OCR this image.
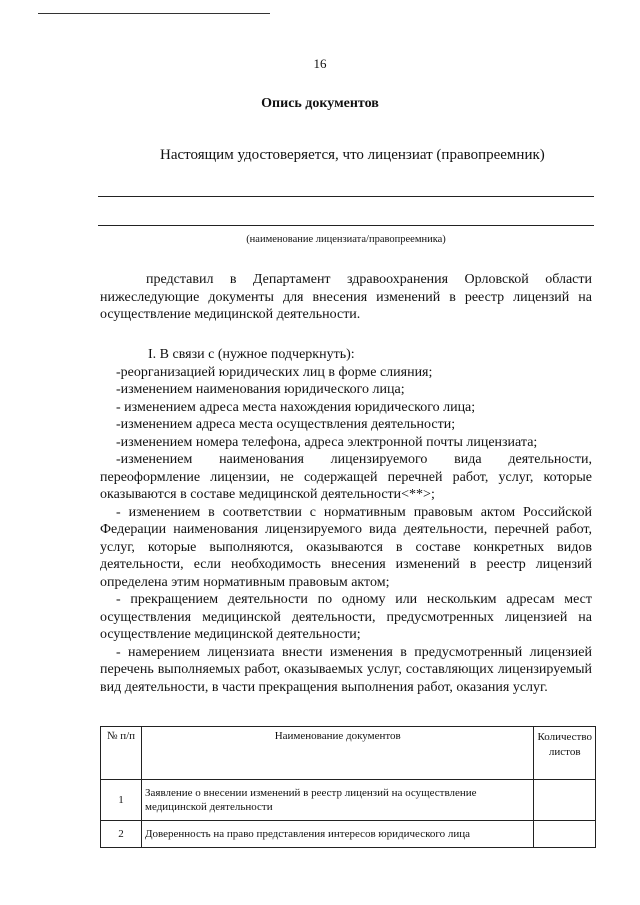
16
Опись документов
Настоящим удостоверяется, что лицензиат (правопреемник)
(наименование лицензиата/правопреемника)

представил в Департамент здравоохранения Орловской области нижеследующие документы для внесения изменений в реестр лицензий на осуществление медицинской деятельности.

I. В связи с (нужное подчеркнуть):

-реорганизацией юридических лиц в форме слияния;

-изменением наименования юридического лица;

- изменением адреса места нахождения юридического лица;

-изменением адреса места осуществления деятельности;

-изменением номера телефона, адреса электронной почты лицензиата;

-изменением наименования лицензируемого вида деятельности, переоформление лицензии, не содержащей перечней работ, услуг, которые оказываются в составе медицинской деятельности<**>;

- изменением в соответствии с нормативным правовым актом Российской Федерации наименования лицензируемого вида деятельности, перечней работ, услуг, которые выполняются, оказываются в составе конкретных видов деятельности, если необходимость внесения изменений в реестр лицензий определена этим нормативным правовым актом;

- прекращением деятельности по одному или нескольким адресам мест осуществления медицинской деятельности, предусмотренных лицензией на осуществление медицинской деятельности;

- намерением лицензиата внести изменения в предусмотренный лицензией перечень выполняемых работ, оказываемых услуг, составляющих лицензируемый вид деятельности, в части прекращения выполнения работ, оказания услуг.

№ п/п	Наименование документов	Количество листов
1	Заявление о внесении изменений в реестр лицензий на осуществление медицинской деятельности	
2	Доверенность на право представления интересов юридического лица	
